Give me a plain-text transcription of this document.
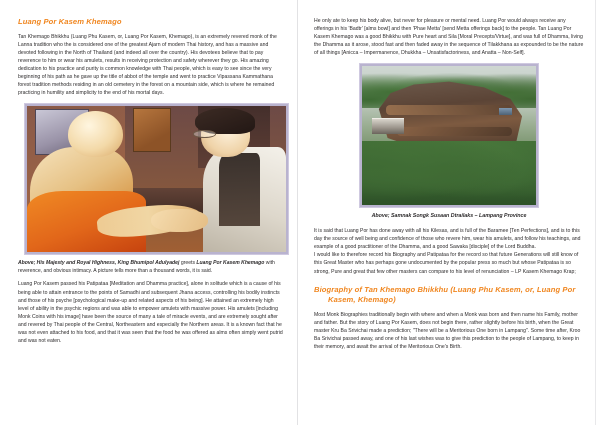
Luang Por Kasem Khemago

Tan Khemago Bhikkhu (Luang Phu Kasem, or, Luang Por Kasem, Khemago), is an extremely revered monk of the Lanna tradition who the is considered one of the greatest Ajarn of modern Thai history, and has a massive and devoted following in the North of Thailand (and indeed all over the country). His devotees believe that to pay reverence to him or wear his amulets, results in receiving protection and safety wherever they go. His amazing dedication to his practice and purity is common knowledge with Thai people, which is easy to see since the very beginning of his path as he gave up the title of abbot of the temple and went to practice Vipassana Kammathana forest tradition methods residing in an old cemetery in the forest on a mountain side, which is where he remained practicing in humility and simplicity to the end of his mortal days.

Above; His Majesty and Royal Highness, King Bhumipol Adulyadej greets Luang Por Kasem Khemago with reverence, and obvious intimacy. A picture tells more than a thousand words, it is said.

Luang Por Kasem passed his Patipataa [Meditation and Dhamma practice], alone in solitude which is a cause of his being able to attain entrance to the points of Samadhi and subsequent Jhana access, controlling his bodily instincts and those of his psyche [psychological make-up and related aspects of his being]. He attained an extremely high level of ability in the psychic regions and was able to empower amulets with massive power. His amulets [including Monk Coins with his image] have been the source of many a tale of miracle events, and are extremely sought after and revered by Thai people of the Central, Northeastern and especially the Northern areas. It is a known fact that he was not even attached to his food, and that it was seen that the food he was offered as alms often simply went putrid and was not eaten.

He only ate to keep his body alive, but never for pleasure or mental need. Luang Por would always receive any offerings in his 'Badtr' [alms bowl] and then 'Phae Metta' [send Metta offerings back] to the people. Tan Luang Por Kasem Khemago was a good Bhikkhu with Pure heart and Sila [Moral Precepts/Virtue], and was full of Dhamma, living the Dhamma as it arose, stood fast and then faded away in the sequence of Tilakkhana as expounded to be the nature of all things [Anicca – Impermanence, Dhukkha – Unsatisfactoriness, and Anatta – Non-Self].

Above; Samnak Songk Susaan Dtrailaks – Lampang Province

It is said that Luang Por has done away with all his Kilesas, and is full of the Baramee [Ten Perfections], and is to this day the source of well being and confidence of those who revere him, wear his amulets, and follow his teachings, and example of a good practitioner of the Dhamma, and a good Sawaka [disciple] of the Lord Buddha.

I would like to therefore record his Biography and Patipataa for the record so that future Generations will still know of this Great Master who has perhaps gone undocumented by the popular press so much but whose Patipataa is so strong, Pure and great that few other masters can compare to his level of renunciation – LP Kasem Khemago Krap;

Biography of Tan Khemago Bhikkhu (Luang Phu Kasem, or, Luang Por
Kasem, Khemago)

Most Monk Biographies traditionally begin with where and when a Monk was born and then name his Family, mother and father. But the story of Luang Por Kasem, does not begin there, rather slightly before his birth, when the Great master Kru Ba Srivichai made a prediction; "There will be a Meritorious One born in Lampang". Some time after, Kroo Ba Srivichai passed away, and one of his last wishes was to give this prediction to the people of Lampang, to keep in their memory, and await the arrival of the Meritorious One's Birth.
